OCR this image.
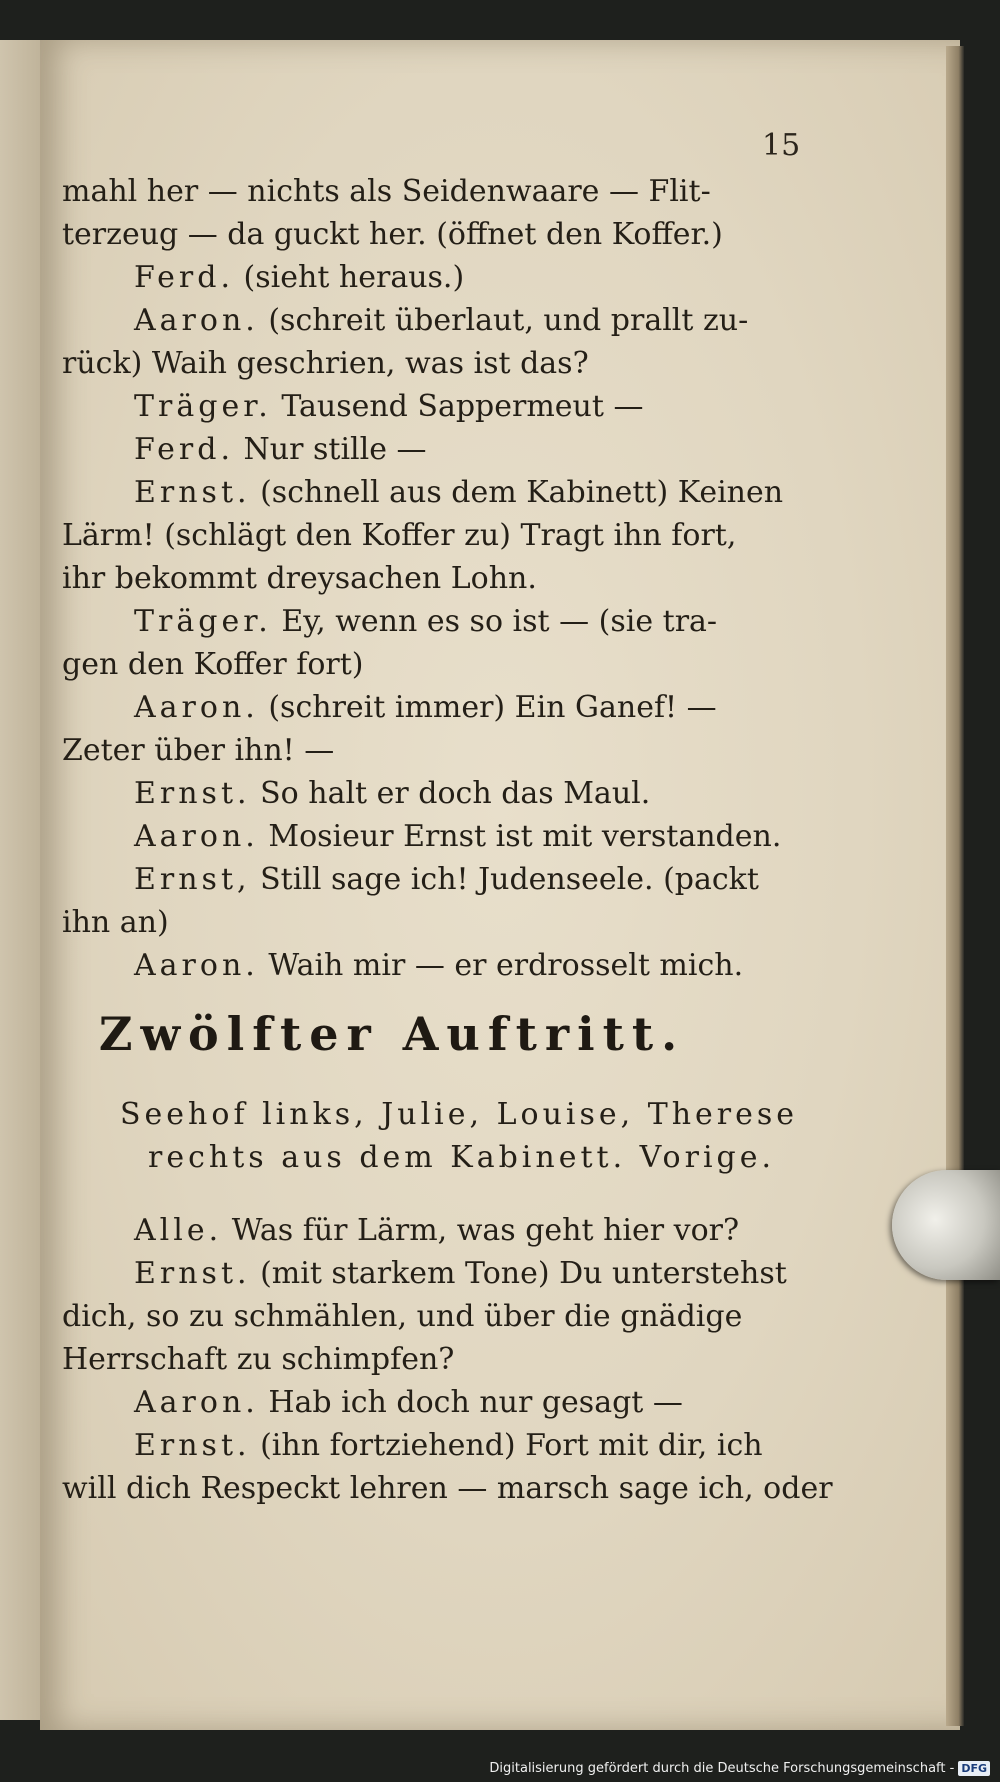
15
mahl her — nichts als Seidenwaare — Flit-
terzeug — da guckt her. (öffnet den Koffer.)
Ferd. (sieht heraus.)
Aaron. (schreit überlaut, und prallt zu-
rück) Waih geschrien, was ist das?
Träger. Tausend Sappermeut —
Ferd. Nur stille —
Ernst. (schnell aus dem Kabinett) Keinen
Lärm! (schlägt den Koffer zu) Tragt ihn fort,
ihr bekommt dreysachen Lohn.
Träger. Ey, wenn es so ist — (sie tra-
gen den Koffer fort)
Aaron. (schreit immer) Ein Ganef! —
Zeter über ihn! —
Ernst. So halt er doch das Maul.
Aaron. Mosieur Ernst ist mit verstanden.
Ernst, Still sage ich! Judenseele. (packt
ihn an)
Aaron. Waih mir — er erdrosselt mich.
Zwölfter Auftritt.
Seehof links, Julie, Louise, Therese
rechts aus dem Kabinett. Vorige.
Alle. Was für Lärm, was geht hier vor?
Ernst. (mit starkem Tone) Du unterstehst
dich, so zu schmählen, und über die gnädige
Herrschaft zu schimpfen?
Aaron. Hab ich doch nur gesagt —
Ernst. (ihn fortziehend) Fort mit dir, ich
will dich Respeckt lehren — marsch sage ich, oder
Digitalisierung gefördert durch die Deutsche Forschungsgemeinschaft - DFG
